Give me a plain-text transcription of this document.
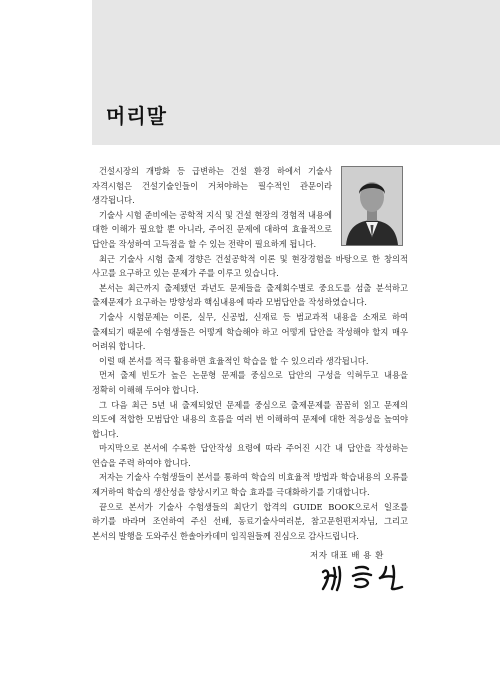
머리말

건설시장의 개방화 등 급변하는 건설 환경 하에서 기술사 자격시험은 건설기술인들이 거쳐야하는 필수적인 관문이라 생각됩니다.

기술사 시험 준비에는 공학적 지식 및 건설 현장의 경험적 내용에 대한 이해가 필요할 뿐 아니라, 주어진 문제에 대하여 효율적으로 답안을 작성하여 고득점을 할 수 있는 전략이 필요하게 됩니다.

최근 기술사 시험 출제 경향은 건설공학적 이론 및 현장경험을 바탕으로 한 창의적 사고를 요구하고 있는 문제가 주를 이루고 있습니다.

본서는 최근까지 출제됐던 과년도 문제들을 출제회수별로 중요도를 섬출 분석하고 출제문제가 요구하는 방향성과 핵심내용에 따라 모범답안을 작성하였습니다.

기술사 시험문제는 이론, 실무, 신공법, 신재료 등 범교과적 내용을 소재로 하여 출제되기 때문에 수험생들은 어떻게 학습해야 하고 어떻게 답안을 작성해야 할지 매우 어려워 합니다.

이럴 때 본서를 적극 활용하면 효율적인 학습을 할 수 있으리라 생각됩니다.

먼저 출제 빈도가 높은 논문형 문제를 중심으로 답안의 구성을 익혀두고 내용을 정확히 이해해 두어야 합니다.

그 다음 최근 5년 내 출제되었던 문제를 중심으로 출제문제를 꼼꼼히 읽고 문제의 의도에 적합한 모범답안 내용의 흐름을 여러 번 이해하여 문제에 대한 적응성을 높여야 합니다.

마지막으로 본서에 수록한 답안작성 요령에 따라 주어진 시간 내 답안을 작성하는 연습을 주력 하여야 합니다.

저자는 기술사 수험생들이 본서를 통하여 학습의 비효율적 방법과 학습내용의 오류를 제거하여 학습의 생산성을 향상시키고 학습 효과를 극대화하기를 기대합니다.

끝으로 본서가 기술사 수험생들의 최단기 합격의 GUIDE BOOK으로서 일조를 하기를 바라며 조언하여 주신 선배, 동료기술사여러분, 참고문헌편저자님, 그리고 본서의 발행을 도와주신 한솔아카데미 임직원들께 진심으로 감사드립니다.

저자 대표 배 용 환
